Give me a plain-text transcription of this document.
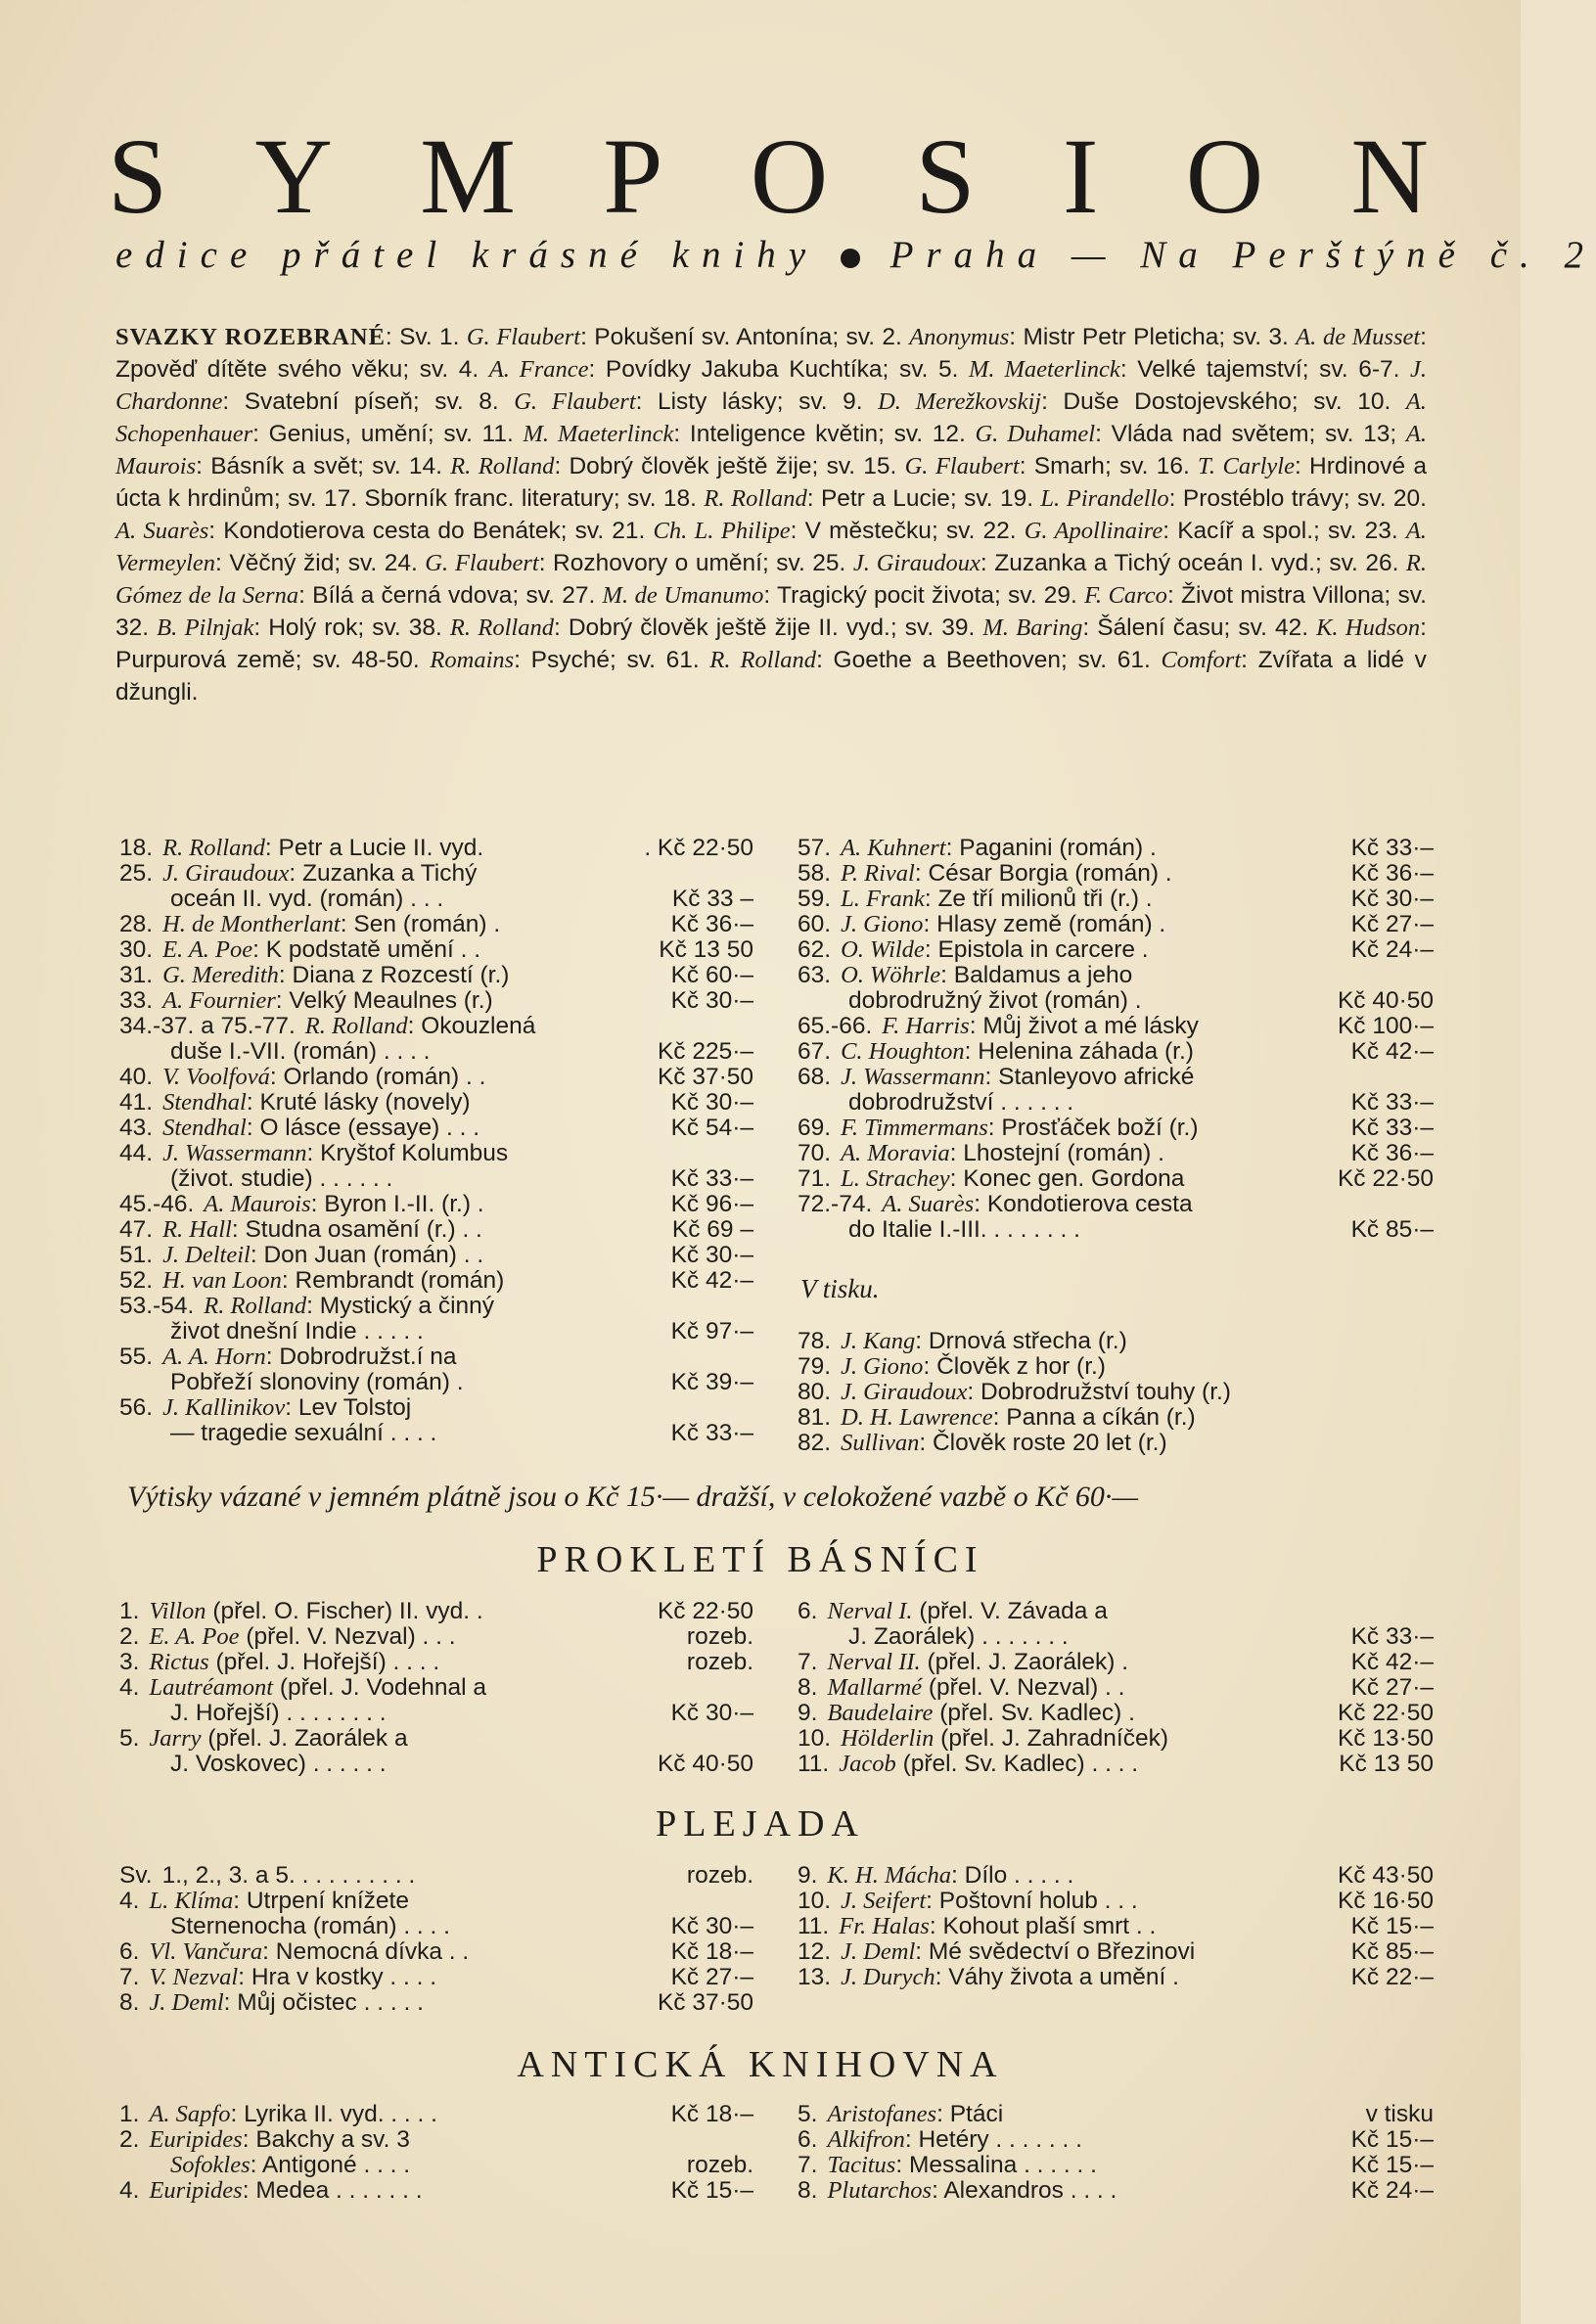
S Y M P O S I O N
edice přátel krásné knihy Praha — Na Perštýně č. 2
SVAZKY ROZEBRANÉ: Sv. 1. G. Flaubert: Pokušení sv. Antonína; sv. 2. Anonymus: Mistr Petr Pleticha; sv. 3. A. de Musset: Zpověď dítěte svého věku; sv. 4. A. France: Povídky Jakuba Kuchtíka; sv. 5. M. Maeterlinck: Velké tajemství; sv. 6-7. J. Chardonne: Svatební píseň; sv. 8. G. Flaubert: Listy lásky; sv. 9. D. Merežkovskij: Duše Dostojevského; sv. 10. A. Schopenhauer: Genius, umění; sv. 11. M. Maeterlinck: Inteligence květin; sv. 12. G. Duhamel: Vláda nad světem; sv. 13; A. Maurois: Básník a svět; sv. 14. R. Rolland: Dobrý člověk ještě žije; sv. 15. G. Flaubert: Smarh; sv. 16. T. Carlyle: Hrdinové a úcta k hrdinům; sv. 17. Sborník franc. literatury; sv. 18. R. Rolland: Petr a Lucie; sv. 19. L. Pirandello: Prostéblo trávy; sv. 20. A. Suarès: Kondotierova cesta do Benátek; sv. 21. Ch. L. Philipe: V městečku; sv. 22. G. Apollinaire: Kacíř a spol.; sv. 23. A. Vermeylen: Věčný žid; sv. 24. G. Flaubert: Rozhovory o umění; sv. 25. J. Giraudoux: Zuzanka a Tichý oceán I. vyd.; sv. 26. R. Gómez de la Serna: Bílá a černá vdova; sv. 27. M. de Umanumo: Tragický pocit života; sv. 29. F. Carco: Život mistra Villona; sv. 32. B. Pilnjak: Holý rok; sv. 38. R. Rolland: Dobrý člověk ještě žije II. vyd.; sv. 39. M. Baring: Šálení času; sv. 42. K. Hudson: Purpurová země; sv. 48-50. Romains: Psyché; sv. 61. R. Rolland: Goethe a Beethoven; sv. 61. Comfort: Zvířata a lidé v džungli.
18.R. Rolland: Petr a Lucie II. vyd.	. Kč 22·50
25.J. Giraudoux: Zuzanka a Tichý
oceán II. vyd. (román) . . .	Kč 33 –
28.H. de Montherlant: Sen (román) .	Kč 36·–
30.E. A. Poe: K podstatě umění . .	Kč 13 50
31.G. Meredith: Diana z Rozcestí (r.)	Kč 60·–
33.A. Fournier: Velký Meaulnes (r.)	Kč 30·–
34.-37. a 75.-77.R. Rolland: Okouzlená
duše I.-VII. (román) . . . .	Kč 225·–
40.V. Voolfová: Orlando (román) . .	Kč 37·50
41.Stendhal: Kruté lásky (novely)	Kč 30·–
43.Stendhal: O lásce (essaye) . . .	Kč 54·–
44.J. Wassermann: Kryštof Kolumbus
(život. studie) . . . . . .	Kč 33·–
45.-46.A. Maurois: Byron I.-II. (r.) .	Kč 96·–
47.R. Hall: Studna osamění (r.) . .	Kč 69 –
51.J. Delteil: Don Juan (román) . .	Kč 30·–
52.H. van Loon: Rembrandt (román)	Kč 42·–
53.-54.R. Rolland: Mystický a činný
život dnešní Indie . . . . .	Kč 97·–
55.A. A. Horn: Dobrodružst.í na
Pobřeží slonoviny (román) .	Kč 39·–
56.J. Kallinikov: Lev Tolstoj
— tragedie sexuální . . . .	Kč 33·–
57.A. Kuhnert: Paganini (román) .	Kč 33·–
58.P. Rival: César Borgia (román) .	Kč 36·–
59.L. Frank: Ze tří milionů tři (r.) .	Kč 30·–
60.J. Giono: Hlasy země (román) .	Kč 27·–
62.O. Wilde: Epistola in carcere .	Kč 24·–
63.O. Wöhrle: Baldamus a jeho
dobrodružný život (román) .	Kč 40·50
65.-66.F. Harris: Můj život a mé lásky	Kč 100·–
67.C. Houghton: Helenina záhada (r.)	Kč 42·–
68.J. Wassermann: Stanleyovo africké
dobrodružství . . . . . .	Kč 33·–
69.F. Timmermans: Prosťáček boží (r.)	Kč 33·–
70.A. Moravia: Lhostejní (román) .	Kč 36·–
71.L. Strachey: Konec gen. Gordona	Kč 22·50
72.-74.A. Suarès: Kondotierova cesta
do Italie I.-III. . . . . . . .	Kč 85·–
V tisku.
78.J. Kang: Drnová střecha (r.)
79.J. Giono: Člověk z hor (r.)
80.J. Giraudoux: Dobrodružství touhy (r.)
81.D. H. Lawrence: Panna a cíkán (r.)
82.Sullivan: Člověk roste 20 let (r.)
Výtisky vázané v jemném plátně jsou o Kč 15·— dražší, v celokožené vazbě o Kč 60·—
PROKLETÍ BÁSNÍCI
1.Villon (přel. O. Fischer) II. vyd. .	Kč 22·50
2.E. A. Poe (přel. V. Nezval) . . .	rozeb.
3.Rictus (přel. J. Hořejší) . . . .	rozeb.
4.Lautréamont (přel. J. Vodehnal a
J. Hořejší) . . . . . . . .	Kč 30·–
5.Jarry (přel. J. Zaorálek a
J. Voskovec) . . . . . .	Kč 40·50
6.Nerval I. (přel. V. Závada a
J. Zaorálek) . . . . . . .	Kč 33·–
7.Nerval II. (přel. J. Zaorálek) .	Kč 42·–
8.Mallarmé (přel. V. Nezval) . .	Kč 27·–
9.Baudelaire (přel. Sv. Kadlec) .	Kč 22·50
10.Hölderlin (přel. J. Zahradníček)	Kč 13·50
11.Jacob (přel. Sv. Kadlec) . . . .	Kč 13 50
PLEJADA
Sv.1., 2., 3. a 5. . . . . . . . . .	rozeb.
4.L. Klíma: Utrpení knížete
Sternenocha (román) . . . .	Kč 30·–
6.Vl. Vančura: Nemocná dívka . .	Kč 18·–
7.V. Nezval: Hra v kostky . . . .	Kč 27·–
8.J. Deml: Můj očistec . . . . .	Kč 37·50
9.K. H. Mácha: Dílo . . . . .	Kč 43·50
10.J. Seifert: Poštovní holub . . .	Kč 16·50
11.Fr. Halas: Kohout plaší smrt . .	Kč 15·–
12.J. Deml: Mé svědectví o Březinovi	Kč 85·–
13.J. Durych: Váhy života a umění .	Kč 22·–
ANTICKÁ KNIHOVNA
1.A. Sapfo: Lyrika II. vyd. . . . .	Kč 18·–
2.Euripides: Bakchy a sv. 3
Sofokles: Antigoné . . . .	rozeb.
4.Euripides: Medea . . . . . . .	Kč 15·–
5.Aristofanes: Ptáci	v tisku
6.Alkifron: Hetéry . . . . . . .	Kč 15·–
7.Tacitus: Messalina . . . . . .	Kč 15·–
8.Plutarchos: Alexandros . . . .	Kč 24·–
